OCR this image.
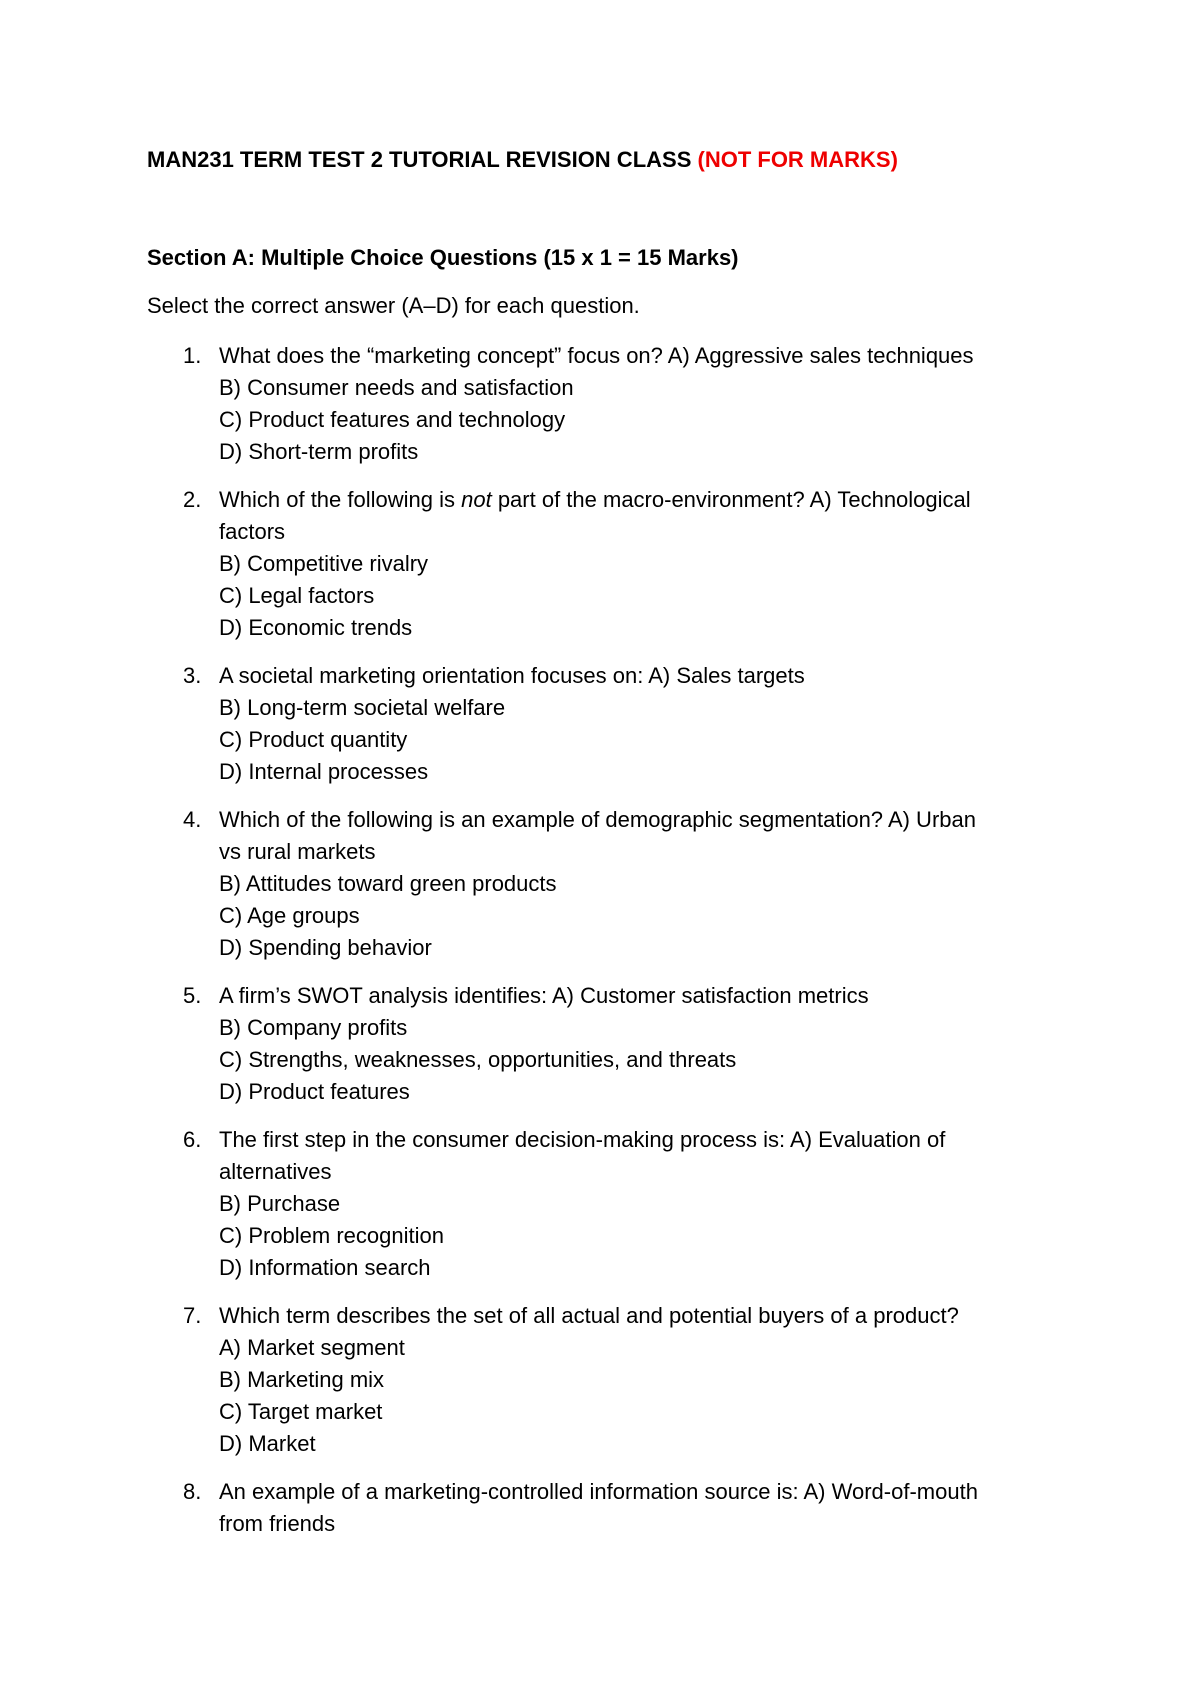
MAN231 TERM TEST 2 TUTORIAL REVISION CLASS (NOT FOR MARKS)
Section A: Multiple Choice Questions (15 x 1 = 15 Marks)
Select the correct answer (A–D) for each question.
1. What does the “marketing concept” focus on? A) Aggressive sales techniques
B) Consumer needs and satisfaction
C) Product features and technology
D) Short-term profits
2. Which of the following is not part of the macro-environment? A) Technological
factors
B) Competitive rivalry
C) Legal factors
D) Economic trends
3. A societal marketing orientation focuses on: A) Sales targets
B) Long-term societal welfare
C) Product quantity
D) Internal processes
4. Which of the following is an example of demographic segmentation? A) Urban
vs rural markets
B) Attitudes toward green products
C) Age groups
D) Spending behavior
5. A firm’s SWOT analysis identifies: A) Customer satisfaction metrics
B) Company profits
C) Strengths, weaknesses, opportunities, and threats
D) Product features
6. The first step in the consumer decision-making process is: A) Evaluation of
alternatives
B) Purchase
C) Problem recognition
D) Information search
7. Which term describes the set of all actual and potential buyers of a product?
A) Market segment
B) Marketing mix
C) Target market
D) Market
8. An example of a marketing-controlled information source is: A) Word-of-mouth
from friends
